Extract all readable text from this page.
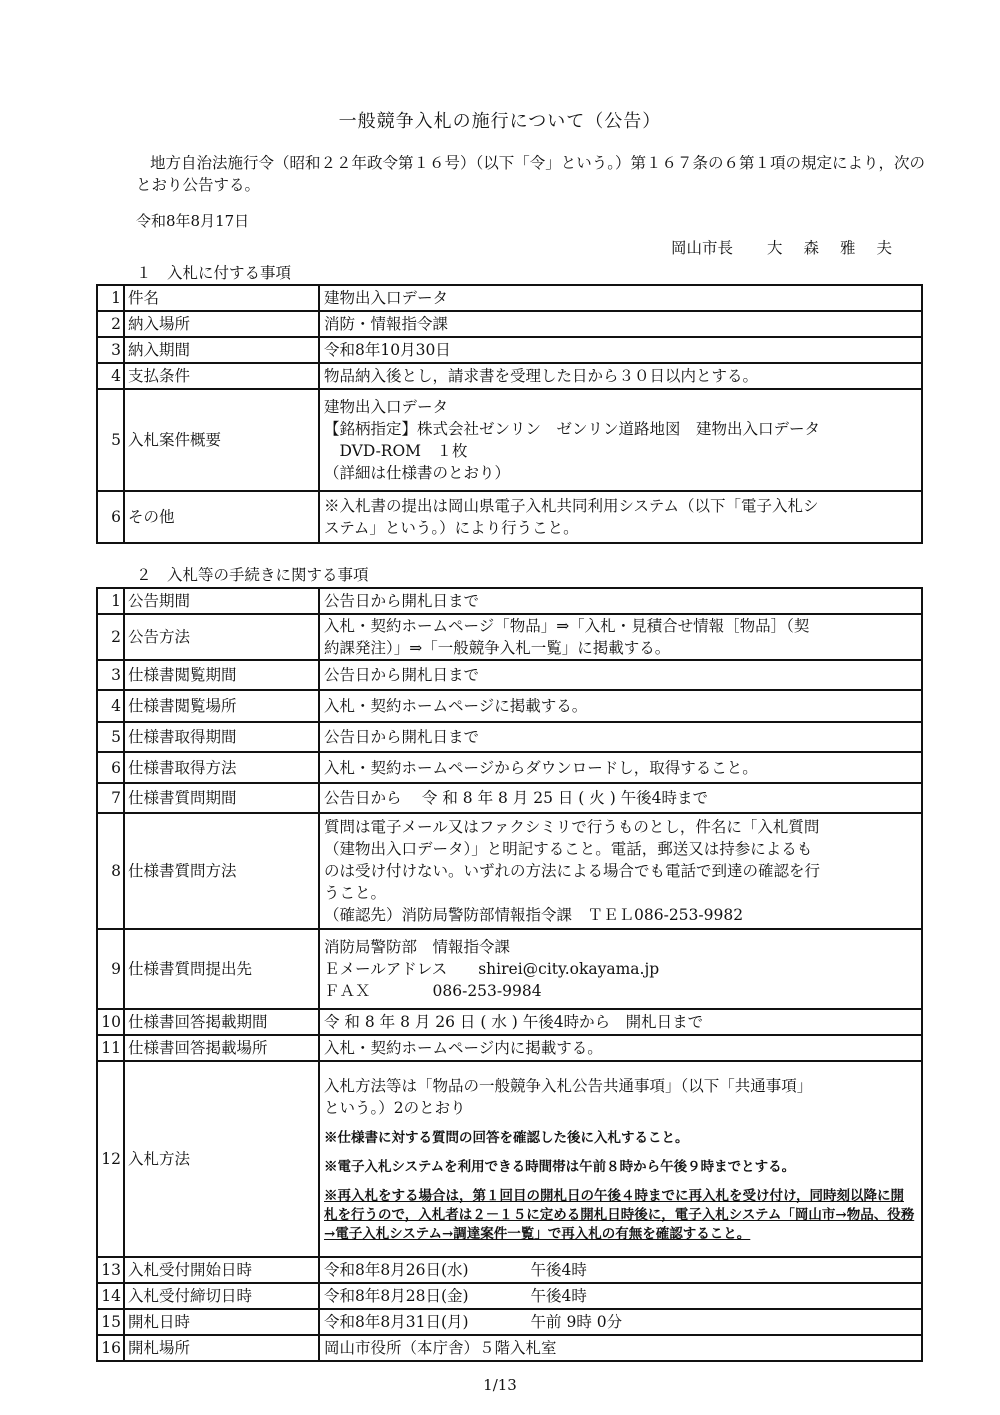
一般競争入札の施行について（公告）
地方自治法施行令（昭和２２年政令第１６号）（以下「令」という。）第１６７条の６第１項の規定により，次のとおり公告する。
令和8年8月17日
岡山市長 大森雅夫
１　入札に付する事項
1	件名	建物出入口データ
2	納入場所	消防・情報指令課
3	納入期間	令和8年10月30日
4	支払条件	物品納入後とし，請求書を受理した日から３０日以内とする。
5	入札案件概要	建物出入口データ
【銘柄指定】株式会社ゼンリン　ゼンリン道路地図　建物出入口データ
　DVD-ROM　１枚
（詳細は仕様書のとおり）

6	その他	※入札書の提出は岡山県電子入札共同利用システム（以下「電子入札シ
ステム」という。）により行うこと。
２　入札等の手続きに関する事項
1	公告期間	公告日から開札日まで
2	公告方法	入札・契約ホームページ「物品」⇒「入札・見積合せ情報［物品］（契
約課発注）」⇒「一般競争入札一覧」に掲載する。

3	仕様書閲覧期間	公告日から開札日まで
4	仕様書閲覧場所	入札・契約ホームページに掲載する。
5	仕様書取得期間	公告日から開札日まで
6	仕様書取得方法	入札・契約ホームページからダウンロードし，取得すること。
7	仕様書質問期間	公告日から　 令 和 8 年 8 月 25 日 ( 火 ) 午後4時まで
8	仕様書質問方法	質問は電子メール又はファクシミリで行うものとし，件名に「入札質問
（建物出入口データ）」と明記すること。電話，郵送又は持参によるも
のは受け付けない。いずれの方法による場合でも電話で到達の確認を行
うこと。
（確認先）消防局警防部情報指令課　ＴＥＬ086-253-9982

9	仕様書質問提出先	消防局警防部　情報指令課
Ｅメールアドレス　　shirei@city.okayama.jp
ＦＡＸ　　　　086-253-9984

10	仕様書回答掲載期間	令 和 8 年 8 月 26 日 ( 水 ) 午後4時から　開札日まで
11	仕様書回答掲載場所	入札・契約ホームページ内に掲載する。
12	入札方法	入札方法等は「物品の一般競争入札公告共通事項」（以下「共通事項」
という。）2のとおり
※仕様書に対する質問の回答を確認した後に入札すること。
※電子入札システムを利用できる時間帯は午前８時から午後９時までとする。
※再入札をする場合は，第１回目の開札日の午後４時までに再入札を受け付け，同時刻以降に開札を行うので，入札者は２－１５に定める開札日時後に，電子入札システム「岡山市→物品、役務→電子入札システム→調達案件一覧」で再入札の有無を確認すること。

13	入札受付開始日時	令和8年8月26日(水)　　　　午後4時
14	入札受付締切日時	令和8年8月28日(金)　　　　午後4時
15	開札日時	令和8年8月31日(月)　　　　午前 9時 0分
16	開札場所	岡山市役所（本庁舎）５階入札室
1/13
